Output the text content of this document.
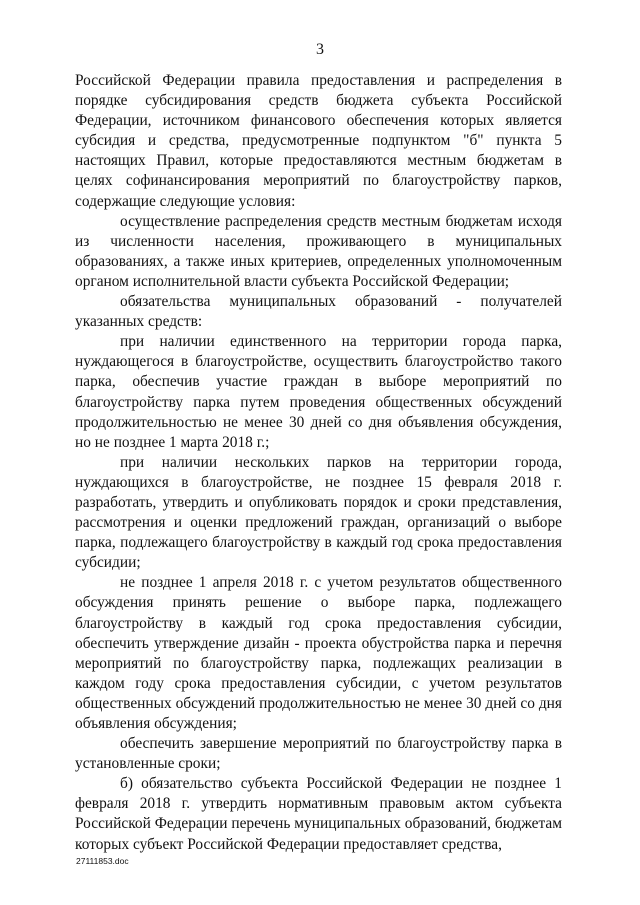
3

Российской Федерации правила предоставления и распределения в порядке субсидирования средств бюджета субъекта Российской Федерации, источником финансового обеспечения которых является субсидия и средства, предусмотренные подпунктом "б" пункта 5 настоящих Правил, которые предоставляются местным бюджетам в целях софинансирования мероприятий по благоустройству парков, содержащие следующие условия:

осуществление распределения средств местным бюджетам исходя из численности населения, проживающего в муниципальных образованиях, а также иных критериев, определенных уполномоченным органом исполнительной власти субъекта Российской Федерации;

обязательства муниципальных образований - получателей указанных средств:

при наличии единственного на территории города парка, нуждающегося в благоустройстве, осуществить благоустройство такого парка, обеспечив участие граждан в выборе мероприятий по благоустройству парка путем проведения общественных обсуждений продолжительностью не менее 30 дней со дня объявления обсуждения, но не позднее 1 марта 2018 г.;

при наличии нескольких парков на территории города, нуждающихся в благоустройстве, не позднее 15 февраля 2018 г. разработать, утвердить и опубликовать порядок и сроки представления, рассмотрения и оценки предложений граждан, организаций о выборе парка, подлежащего благоустройству в каждый год срока предоставления субсидии;

не позднее 1 апреля 2018 г. с учетом результатов общественного обсуждения принять решение о выборе парка, подлежащего благоустройству в каждый год срока предоставления субсидии, обеспечить утверждение дизайн - проекта обустройства парка и перечня мероприятий по благоустройству парка, подлежащих реализации в каждом году срока предоставления субсидии, с учетом результатов общественных обсуждений продолжительностью не менее 30 дней со дня объявления обсуждения;

обеспечить завершение мероприятий по благоустройству парка в установленные сроки;

б) обязательство субъекта Российской Федерации не позднее 1 февраля 2018 г. утвердить нормативным правовым актом субъекта Российской Федерации перечень муниципальных образований, бюджетам которых субъект Российской Федерации предоставляет средства,

27111853.doc
